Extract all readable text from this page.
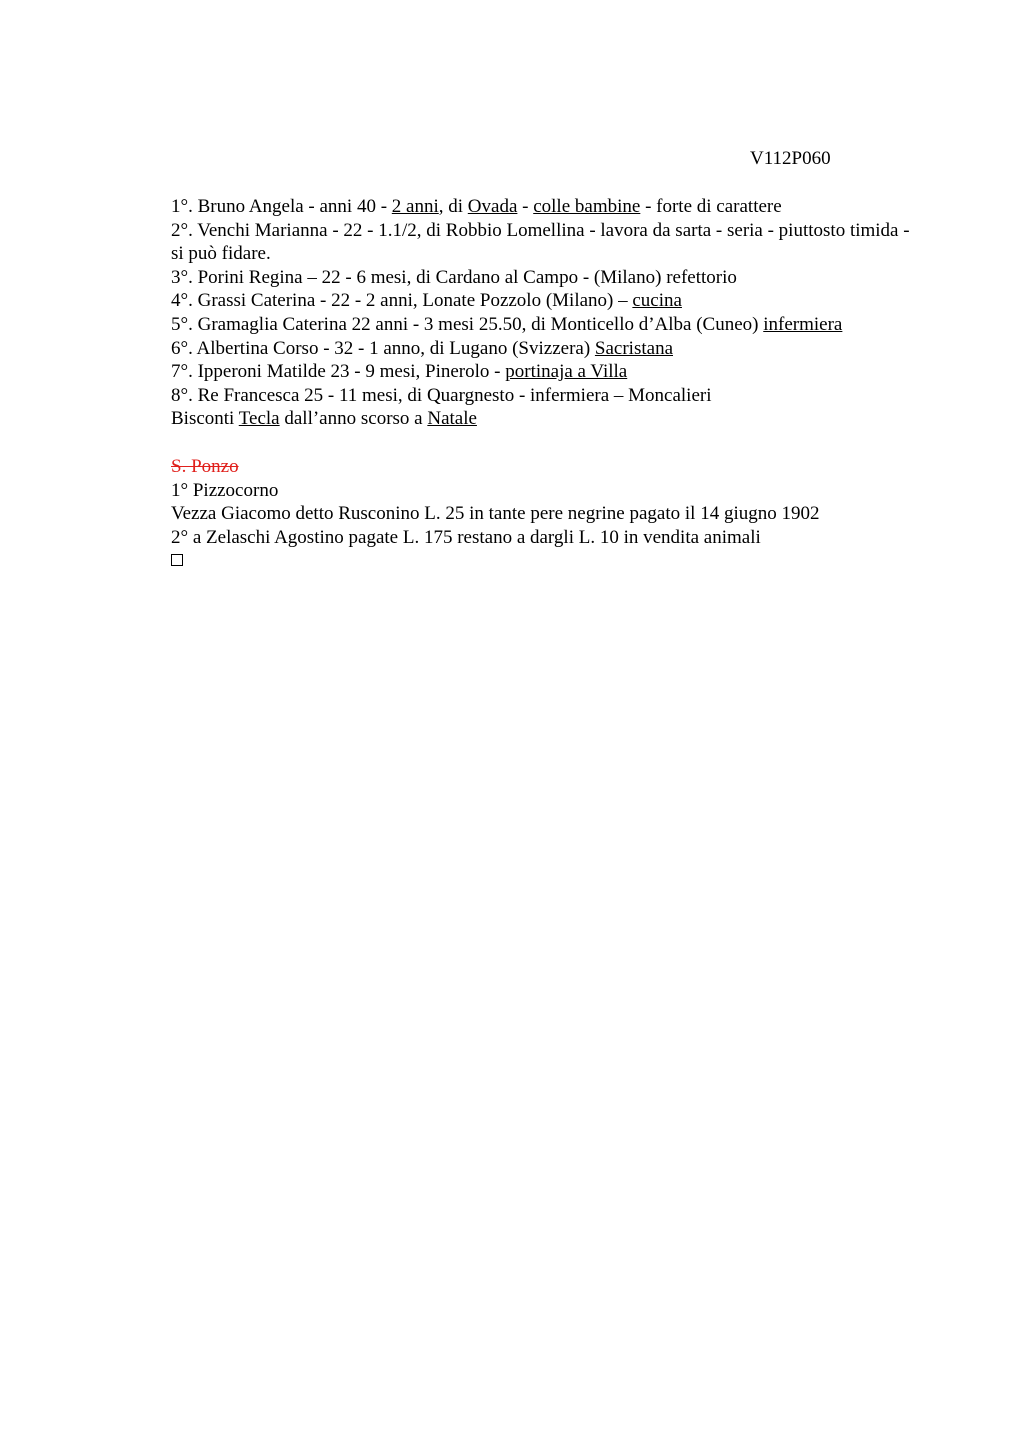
V112P060
1°. Bruno Angela - anni 40 - 2 anni, di Ovada - colle bambine - forte di carattere
2°. Venchi Marianna - 22 - 1.1/2, di Robbio Lomellina - lavora da sarta - seria - piuttosto timida - si può fidare.
3°. Porini Regina – 22 - 6 mesi, di Cardano al Campo - (Milano) refettorio
4°. Grassi Caterina - 22 - 2 anni, Lonate Pozzolo (Milano) – cucina
5°. Gramaglia Caterina 22 anni - 3 mesi 25.50, di Monticello d’Alba (Cuneo) infermiera
6°. Albertina Corso - 32 - 1 anno, di Lugano (Svizzera) Sacristana
7°. Ipperoni Matilde 23 - 9 mesi, Pinerolo - portinaja a Villa
8°. Re Francesca 25 - 11 mesi, di Quargnesto - infermiera – Moncalieri
Bisconti Tecla dall’anno scorso a Natale
S. Ponzo
1° Pizzocorno
Vezza Giacomo detto Rusconino L. 25 in tante pere negrine pagato il 14 giugno 1902
2° a Zelaschi Agostino pagate L. 175 restano a dargli L. 10 in vendita animali
